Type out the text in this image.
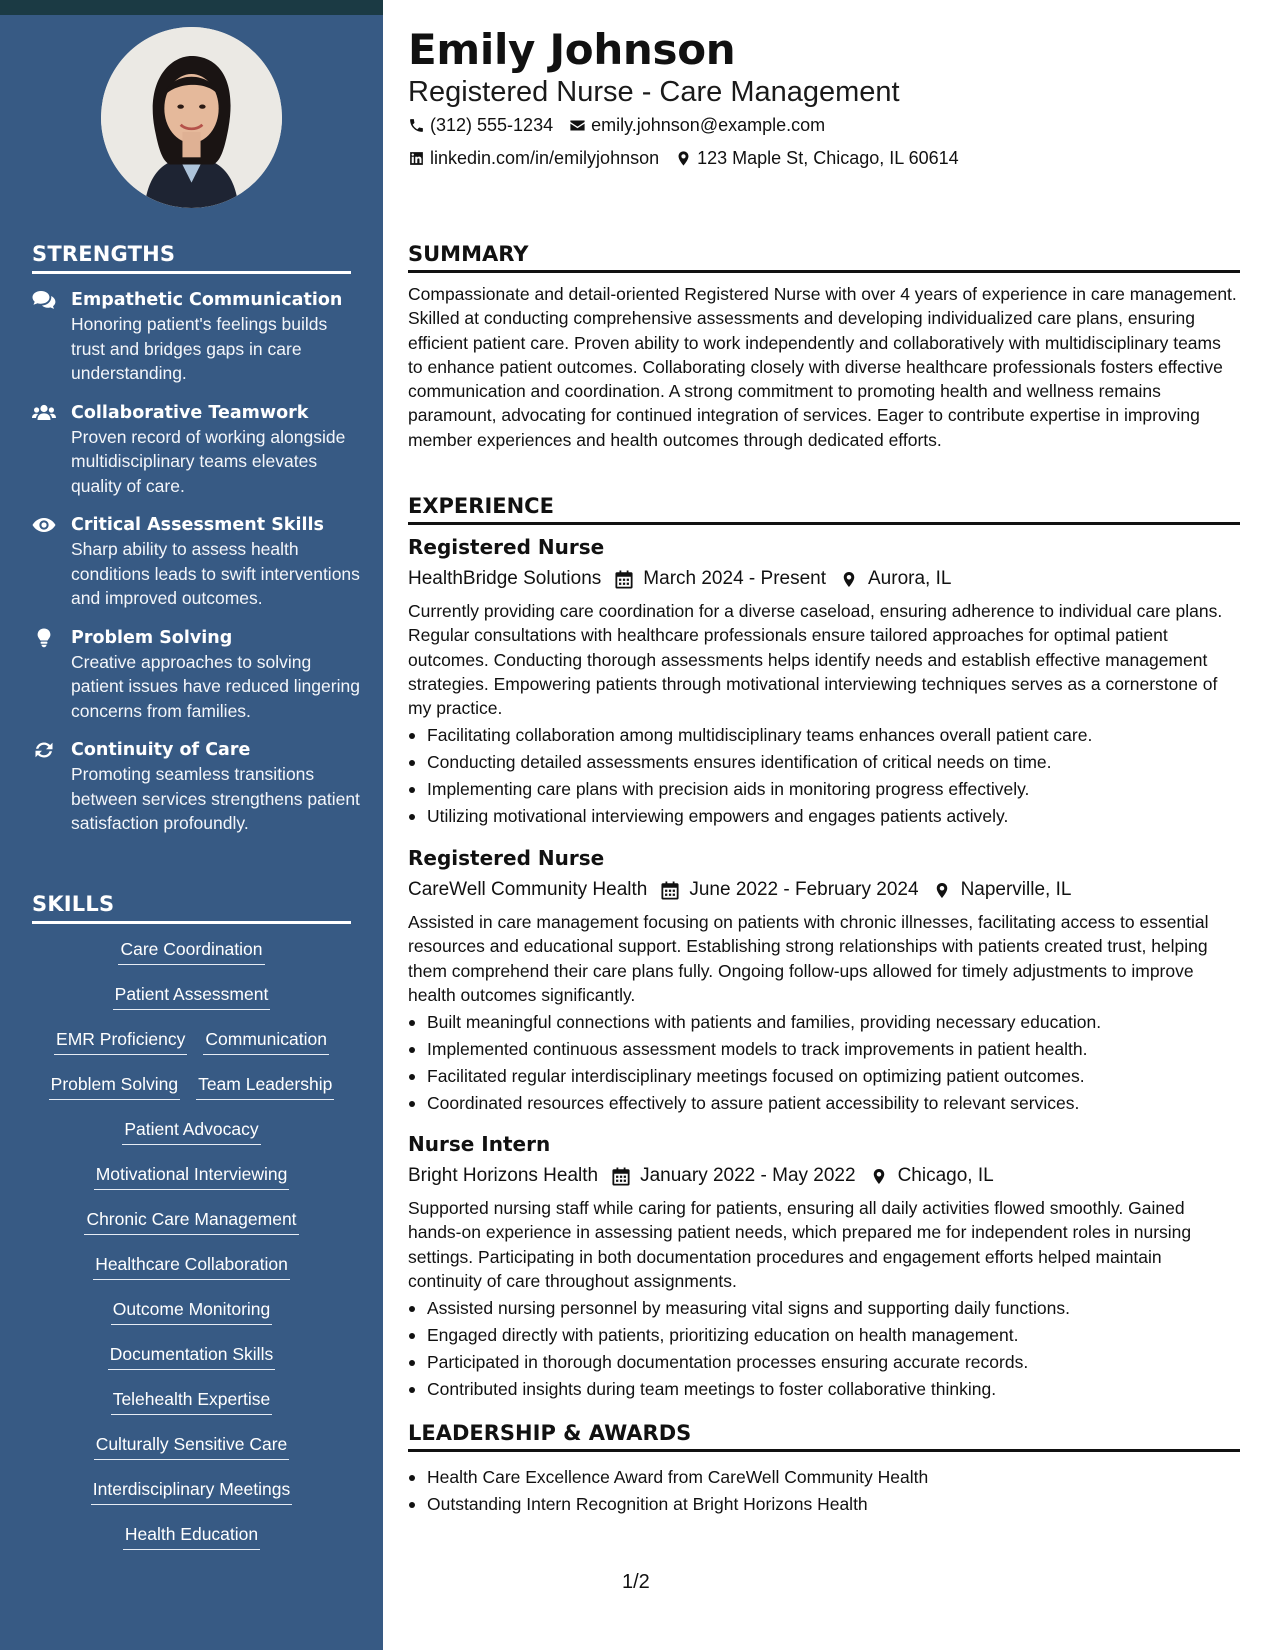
STRENGTHS
Empathetic Communication
Honoring patient's feelings builds trust and bridges gaps in care understanding.
Collaborative Teamwork
Proven record of working alongside multidisciplinary teams elevates quality of care.
Critical Assessment Skills
Sharp ability to assess health conditions leads to swift interventions and improved outcomes.
Problem Solving
Creative approaches to solving patient issues have reduced lingering concerns from families.
Continuity of Care
Promoting seamless transitions between services strengthens patient satisfaction profoundly.
SKILLS
Care Coordination
Patient Assessment
EMR Proficiency Communication
Problem Solving Team Leadership
Patient Advocacy
Motivational Interviewing
Chronic Care Management
Healthcare Collaboration
Outcome Monitoring
Documentation Skills
Telehealth Expertise
Culturally Sensitive Care
Interdisciplinary Meetings
Health Education
Emily Johnson
Registered Nurse - Care Management
(312) 555-1234 emily.johnson@example.com
linkedin.com/in/emilyjohnson 123 Maple St, Chicago, IL 60614
SUMMARY
Compassionate and detail-oriented Registered Nurse with over 4 years of experience in care management. Skilled at conducting comprehensive assessments and developing individualized care plans, ensuring efficient patient care. Proven ability to work independently and collaboratively with multidisciplinary teams to enhance patient outcomes. Collaborating closely with diverse healthcare professionals fosters effective communication and coordination. A strong commitment to promoting health and wellness remains paramount, advocating for continued integration of services. Eager to contribute expertise in improving member experiences and health outcomes through dedicated efforts.
EXPERIENCE
Registered Nurse
HealthBridge Solutions March 2024 - Present Aurora, IL
Currently providing care coordination for a diverse caseload, ensuring adherence to individual care plans. Regular consultations with healthcare professionals ensure tailored approaches for optimal patient outcomes. Conducting thorough assessments helps identify needs and establish effective management strategies. Empowering patients through motivational interviewing techniques serves as a cornerstone of my practice.
Facilitating collaboration among multidisciplinary teams enhances overall patient care.
Conducting detailed assessments ensures identification of critical needs on time.
Implementing care plans with precision aids in monitoring progress effectively.
Utilizing motivational interviewing empowers and engages patients actively.
Registered Nurse
CareWell Community Health June 2022 - February 2024 Naperville, IL
Assisted in care management focusing on patients with chronic illnesses, facilitating access to essential resources and educational support. Establishing strong relationships with patients created trust, helping them comprehend their care plans fully. Ongoing follow-ups allowed for timely adjustments to improve health outcomes significantly.
Built meaningful connections with patients and families, providing necessary education.
Implemented continuous assessment models to track improvements in patient health.
Facilitated regular interdisciplinary meetings focused on optimizing patient outcomes.
Coordinated resources effectively to assure patient accessibility to relevant services.
Nurse Intern
Bright Horizons Health January 2022 - May 2022 Chicago, IL
Supported nursing staff while caring for patients, ensuring all daily activities flowed smoothly. Gained hands-on experience in assessing patient needs, which prepared me for independent roles in nursing settings. Participating in both documentation procedures and engagement efforts helped maintain continuity of care throughout assignments.
Assisted nursing personnel by measuring vital signs and supporting daily functions.
Engaged directly with patients, prioritizing education on health management.
Participated in thorough documentation processes ensuring accurate records.
Contributed insights during team meetings to foster collaborative thinking.
LEADERSHIP & AWARDS
Health Care Excellence Award from CareWell Community Health
Outstanding Intern Recognition at Bright Horizons Health
1/2
